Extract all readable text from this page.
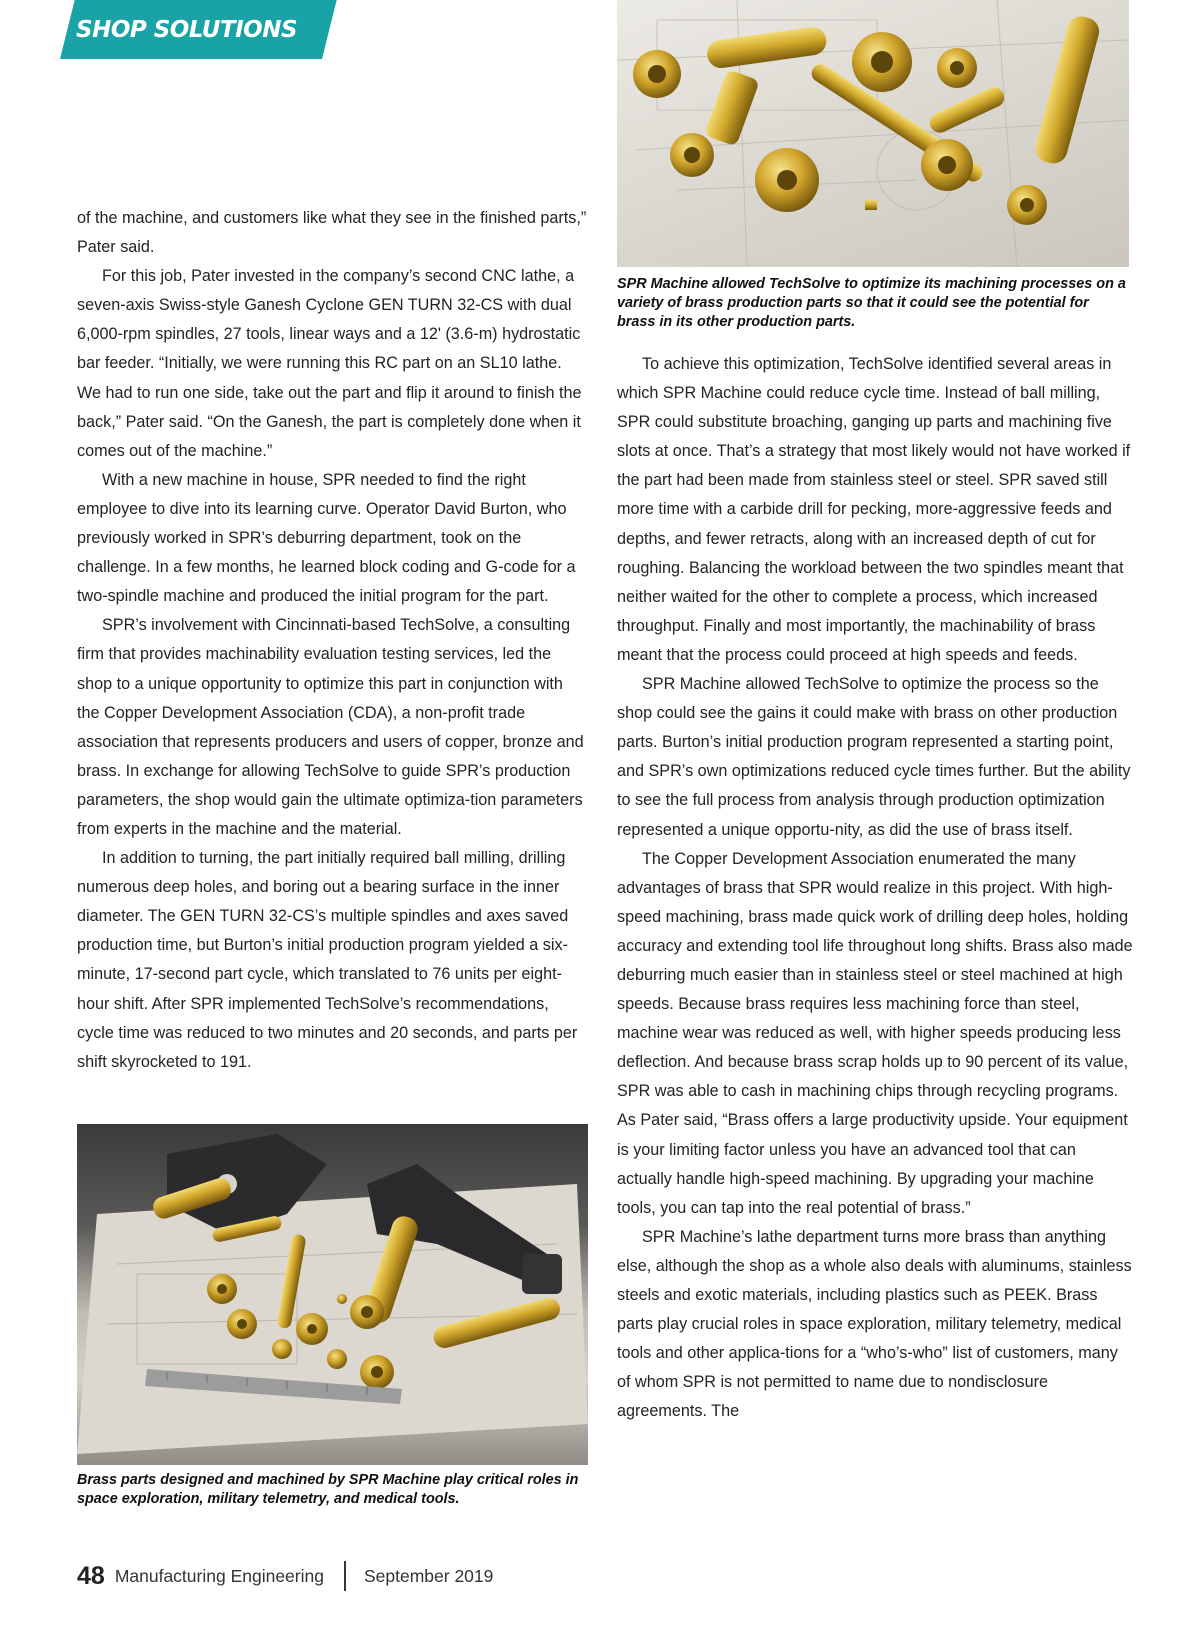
SHOP SOLUTIONS
SPR Machine allowed TechSolve to optimize its machining processes on a variety of brass production parts so that it could see the potential for brass in its other production parts.

of the machine, and customers like what they see in the finished parts,” Pater said.

For this job, Pater invested in the company’s second CNC lathe, a seven-axis Swiss-style Ganesh Cyclone GEN TURN 32-CS with dual 6,000-rpm spindles, 27 tools, linear ways and a 12' (3.6-m) hydrostatic bar feeder. “Initially, we were running this RC part on an SL10 lathe. We had to run one side, take out the part and flip it around to finish the back,” Pater said. “On the Ganesh, the part is completely done when it comes out of the machine.”

With a new machine in house, SPR needed to find the right employee to dive into its learning curve. Operator David Burton, who previously worked in SPR’s deburring department, took on the challenge. In a few months, he learned block coding and G-code for a two-spindle machine and produced the initial program for the part.

SPR’s involvement with Cincinnati-based TechSolve, a consulting firm that provides machinability evaluation testing services, led the shop to a unique opportunity to optimize this part in conjunction with the Copper Development Association (CDA), a non-profit trade association that represents producers and users of copper, bronze and brass. In exchange for allowing TechSolve to guide SPR’s production parameters, the shop would gain the ultimate optimiza-tion parameters from experts in the machine and the material.

In addition to turning, the part initially required ball milling, drilling numerous deep holes, and boring out a bearing surface in the inner diameter. The GEN TURN 32-CS’s multiple spindles and axes saved production time, but Burton’s initial production program yielded a six-minute, 17-second part cycle, which translated to 76 units per eight-hour shift. After SPR implemented TechSolve’s recommendations, cycle time was reduced to two minutes and 20 seconds, and parts per shift skyrocketed to 191.

To achieve this optimization, TechSolve identified several areas in which SPR Machine could reduce cycle time. Instead of ball milling, SPR could substitute broaching, ganging up parts and machining five slots at once. That’s a strategy that most likely would not have worked if the part had been made from stainless steel or steel. SPR saved still more time with a carbide drill for pecking, more-aggressive feeds and depths, and fewer retracts, along with an increased depth of cut for roughing. Balancing the workload between the two spindles meant that neither waited for the other to complete a process, which increased throughput. Finally and most importantly, the machinability of brass meant that the process could proceed at high speeds and feeds.

SPR Machine allowed TechSolve to optimize the process so the shop could see the gains it could make with brass on other production parts. Burton’s initial production program represented a starting point, and SPR’s own optimizations reduced cycle times further. But the ability to see the full process from analysis through production optimization represented a unique opportu-nity, as did the use of brass itself.

The Copper Development Association enumerated the many advantages of brass that SPR would realize in this project. With high-speed machining, brass made quick work of drilling deep holes, holding accuracy and extending tool life throughout long shifts. Brass also made deburring much easier than in stainless steel or steel machined at high speeds. Because brass requires less machining force than steel, machine wear was reduced as well, with higher speeds producing less deflection. And because brass scrap holds up to 90 percent of its value, SPR was able to cash in machining chips through recycling programs. As Pater said, “Brass offers a large productivity upside. Your equipment is your limiting factor unless you have an advanced tool that can actually handle high-speed machining. By upgrading your machine tools, you can tap into the real potential of brass.”

SPR Machine’s lathe department turns more brass than anything else, although the shop as a whole also deals with aluminums, stainless steels and exotic materials, including plastics such as PEEK. Brass parts play crucial roles in space exploration, military telemetry, medical tools and other applica-tions for a “who’s-who” list of customers, many of whom SPR is not permitted to name due to nondisclosure agreements. The

Brass parts designed and machined by SPR Machine play critical roles in space exploration, military telemetry, and medical tools.
48 Manufacturing Engineering September 2019
